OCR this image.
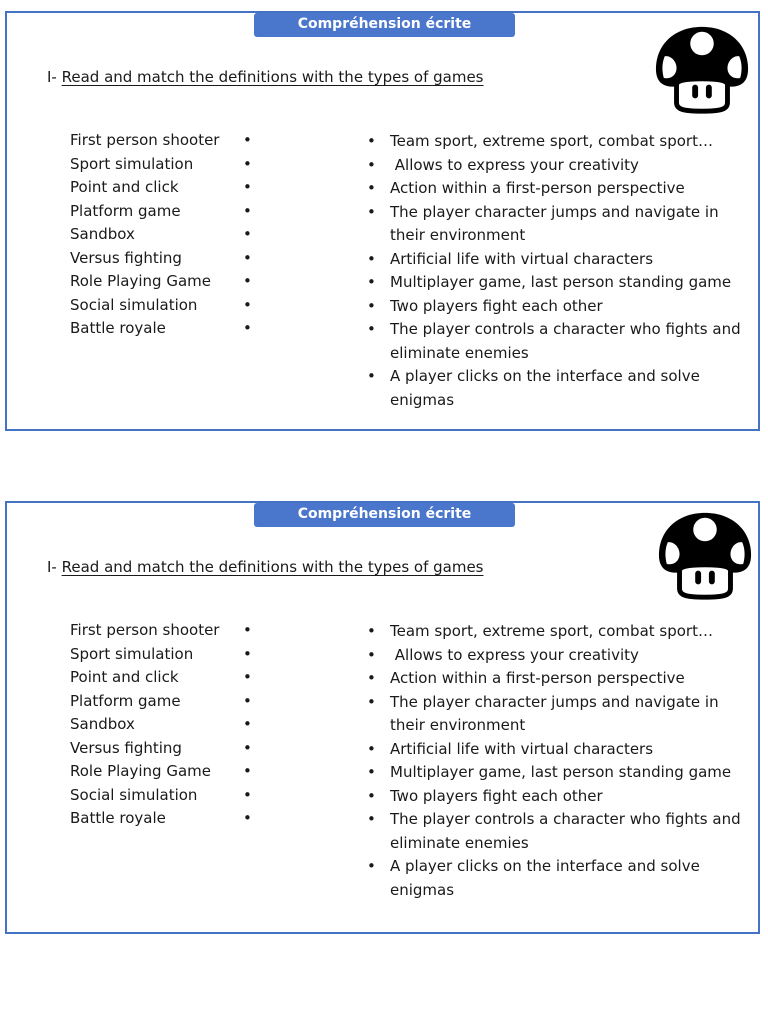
Compréhension écrite
I- Read and match the definitions with the types of games
First person shooter •
Sport simulation	•
Point and click	•
Platform game	•
Sandbox	•
Versus fighting	•
Role Playing Game •
Social simulation	•
Battle royale	•
• Team sport, extreme sport, combat sport…
• Allows to express your creativity
• Action within a first-person perspective
• The player character jumps and navigate in their environment
• Artificial life with virtual characters
• Multiplayer game, last person standing game
• Two players fight each other
• The player controls a character who fights and eliminate enemies
• A player clicks on the interface and solve enigmas
Compréhension écrite
I- Read and match the definitions with the types of games
First person shooter •
Sport simulation	•
Point and click	•
Platform game	•
Sandbox	•
Versus fighting	•
Role Playing Game •
Social simulation	•
Battle royale	•
• Team sport, extreme sport, combat sport…
• Allows to express your creativity
• Action within a first-person perspective
• The player character jumps and navigate in their environment
• Artificial life with virtual characters
• Multiplayer game, last person standing game
• Two players fight each other
• The player controls a character who fights and eliminate enemies
• A player clicks on the interface and solve enigmas
